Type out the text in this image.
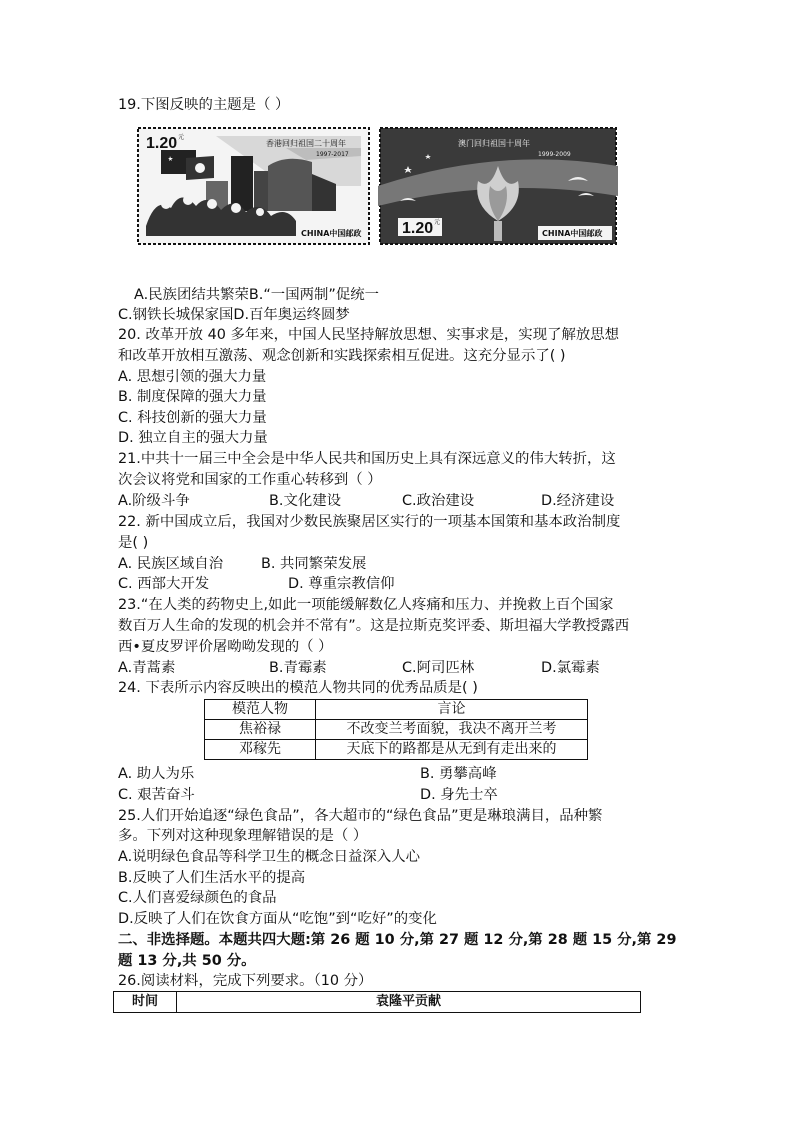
19.下图反映的主题是（ ）
1.20 元
香港回归祖国二十周年
1997-2017
CHINA中国邮政
澳门回归祖国十周年
1999-2009
1.20 元
CHINA中国邮政
A.民族团结共繁荣B.“一国两制”促统一
C.钢铁长城保家国D.百年奥运终圆梦
20. 改革开放 40 多年来，中国人民坚持解放思想、实事求是，实现了解放思想
和改革开放相互激荡、观念创新和实践探索相互促进。这充分显示了( )
A. 思想引领的强大力量
B. 制度保障的强大力量
C. 科技创新的强大力量
D. 独立自主的强大力量
21.中共十一届三中全会是中华人民共和国历史上具有深远意义的伟大转折，这
次会议将党和国家的工作重心转移到（ ）
A.阶级斗争	B.文化建设	C.政治建设	D.经济建设
22. 新中国成立后，我国对少数民族聚居区实行的一项基本国策和基本政治制度
是( )
A. 民族区域自治	B. 共同繁荣发展
C. 西部大开发	D. 尊重宗教信仰
23.“在人类的药物史上,如此一项能缓解数亿人疼痛和压力、并挽救上百个国家
数百万人生命的发现的机会并不常有”。这是拉斯克奖评委、斯坦福大学教授露西
西•夏皮罗评价屠呦呦发现的（ ）
A.青蒿素	B.青霉素	C.阿司匹林	D.氯霉素
24. 下表所示内容反映出的模范人物共同的优秀品质是( )
模范人物	言论
焦裕禄	不改变兰考面貌，我决不离开兰考
邓稼先	天底下的路都是从无到有走出来的
A. 助人为乐	B. 勇攀高峰
C. 艰苦奋斗	D. 身先士卒
25.人们开始追逐“绿色食品”，各大超市的“绿色食品”更是琳琅满目，品种繁
多。下列对这种现象理解错误的是（ ）
A.说明绿色食品等科学卫生的概念日益深入人心
B.反映了人们生活水平的提高
C.人们喜爱绿颜色的食品
D.反映了人们在饮食方面从“吃饱”到“吃好”的变化
二、非选择题。本题共四大题:第 26 题 10 分,第 27 题 12 分,第 28 题 15 分,第 29
题 13 分,共 50 分。
26.阅读材料，完成下列要求。（10 分）
时间	袁隆平贡献
